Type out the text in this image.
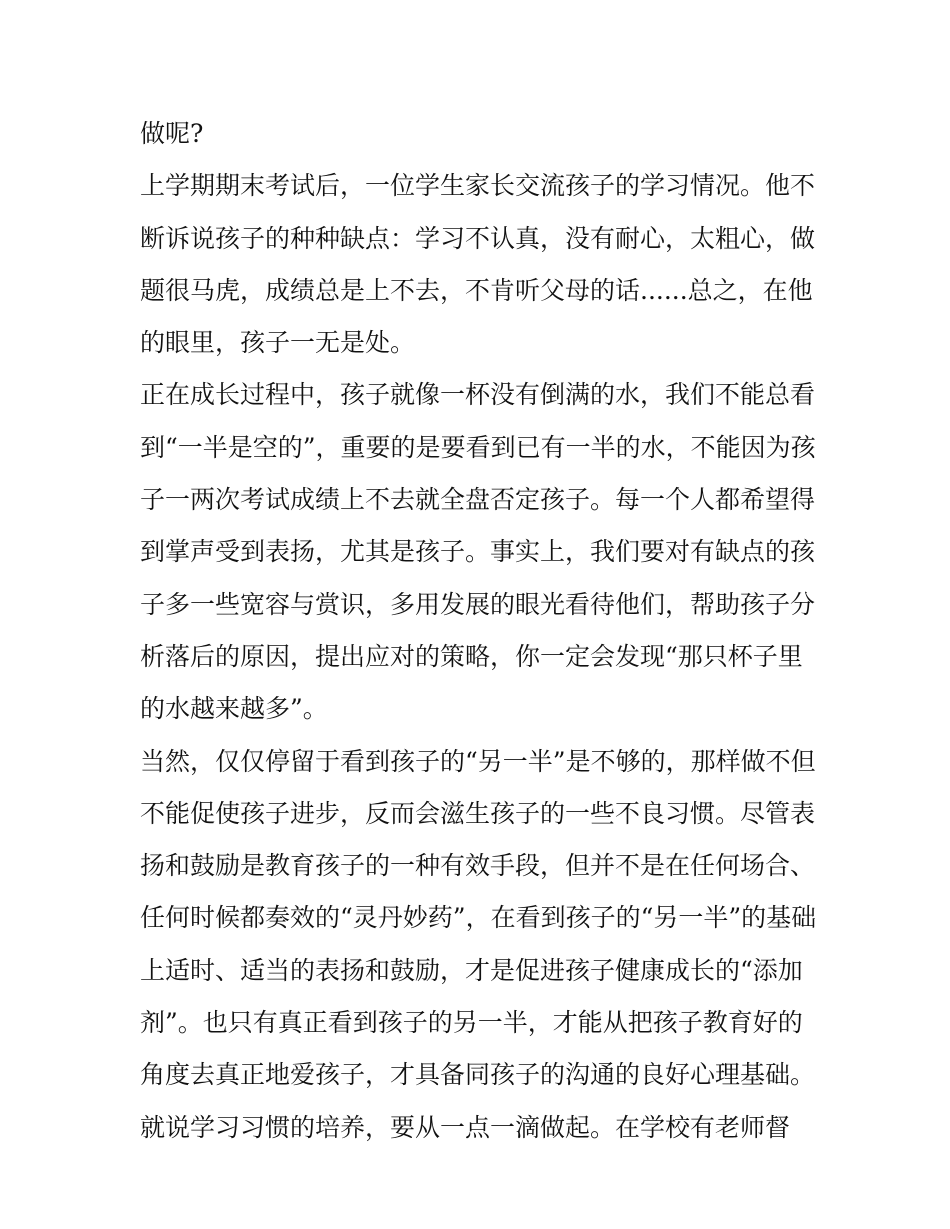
做呢?
上学期期末考试后，一位学生家长交流孩子的学习情况。他不
断诉说孩子的种种缺点：学习不认真，没有耐心，太粗心，做
题很马虎，成绩总是上不去，不肯听父母的话......总之，在他
的眼里，孩子一无是处。
正在成长过程中，孩子就像一杯没有倒满的水，我们不能总看
到“一半是空的”，重要的是要看到已有一半的水，不能因为孩
子一两次考试成绩上不去就全盘否定孩子。每一个人都希望得
到掌声受到表扬，尤其是孩子。事实上，我们要对有缺点的孩
子多一些宽容与赏识，多用发展的眼光看待他们，帮助孩子分
析落后的原因，提出应对的策略，你一定会发现“那只杯子里
的水越来越多”。
当然，仅仅停留于看到孩子的“另一半”是不够的，那样做不但
不能促使孩子进步，反而会滋生孩子的一些不良习惯。尽管表
扬和鼓励是教育孩子的一种有效手段，但并不是在任何场合、
任何时候都奏效的“灵丹妙药”，在看到孩子的“另一半”的基础
上适时、适当的表扬和鼓励，才是促进孩子健康成长的“添加
剂”。也只有真正看到孩子的另一半，才能从把孩子教育好的
角度去真正地爱孩子，才具备同孩子的沟通的良好心理基础。
就说学习习惯的培养，要从一点一滴做起。在学校有老师督
